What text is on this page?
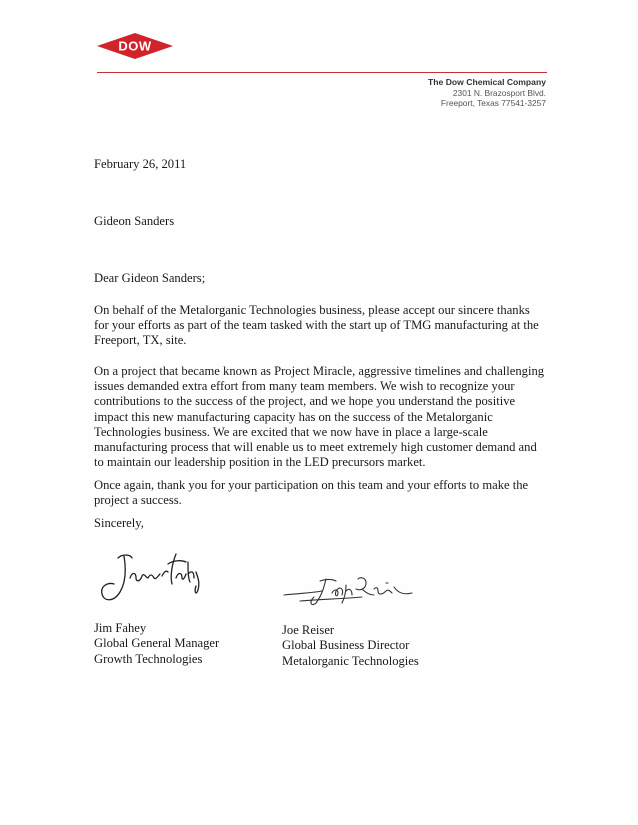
DOW
The Dow Chemical Company
2301 N. Brazosport Blvd.
Freeport, Texas 77541-3257
February 26, 2011
Gideon Sanders
Dear Gideon Sanders;
On behalf of the Metalorganic Technologies business, please accept our sincere thanks
for your efforts as part of the team tasked with the start up of TMG manufacturing at the
Freeport, TX, site.
On a project that became known as Project Miracle, aggressive timelines and challenging
issues demanded extra effort from many team members. We wish to recognize your
contributions to the success of the project, and we hope you understand the positive
impact this new manufacturing capacity has on the success of the Metalorganic
Technologies business. We are excited that we now have in place a large-scale
manufacturing process that will enable us to meet extremely high customer demand and
to maintain our leadership position in the LED precursors market.
Once again, thank you for your participation on this team and your efforts to make the
project a success.
Sincerely,
Jim Fahey
Global General Manager
Growth Technologies
Joe Reiser
Global Business Director
Metalorganic Technologies
